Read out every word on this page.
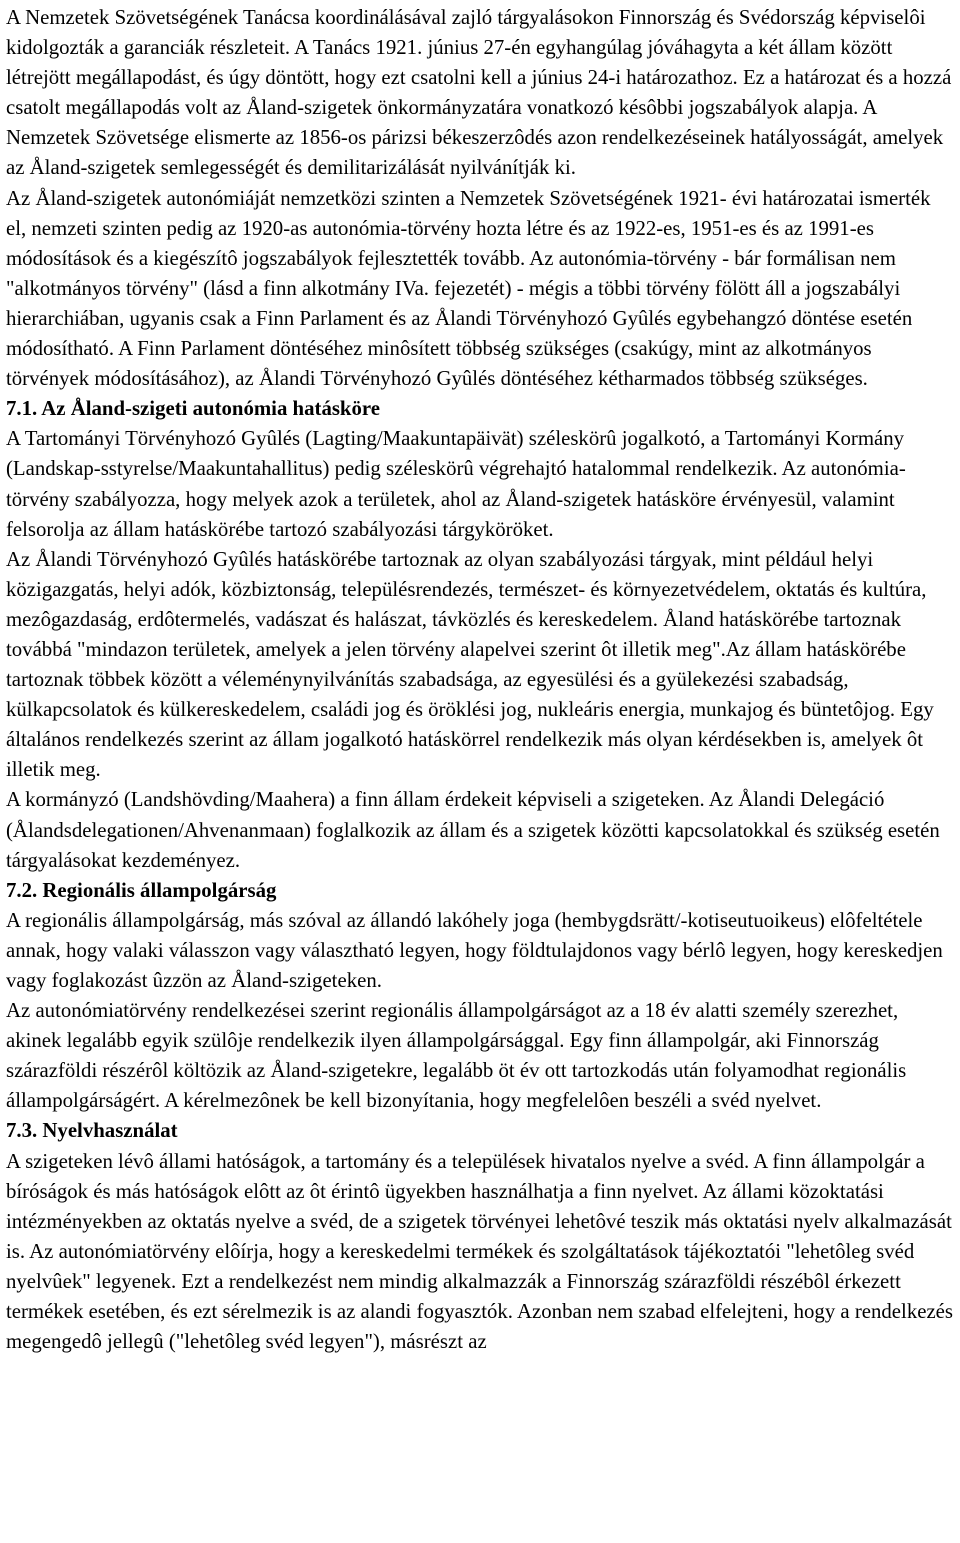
A Nemzetek Szövetségének Tanácsa koordinálásával zajló tárgyalásokon Finnország és Svédország képviselôi kidolgozták a garanciák részleteit. A Tanács 1921. június 27-én egyhangúlag jóváhagyta a két állam között létrejött megállapodást, és úgy döntött, hogy ezt csatolni kell a június 24-i határozathoz. Ez a határozat és a hozzá csatolt megállapodás volt az Åland-szigetek önkormányzatára vonatkozó késôbbi jogszabályok alapja. A Nemzetek Szövetsége elismerte az 1856-os párizsi békeszerzôdés azon rendelkezéseinek hatályosságát, amelyek az Åland-szigetek semlegességét és demilitarizálását nyilvánítják ki.

Az Åland-szigetek autonómiáját nemzetközi szinten a Nemzetek Szövetségének 1921- évi határozatai ismerték el, nemzeti szinten pedig az 1920-as autonómia-törvény hozta létre és az 1922-es, 1951-es és az 1991-es módosítások és a kiegészítô jogszabályok fejlesztették tovább. Az autonómia-törvény - bár formálisan nem "alkotmányos törvény" (lásd a finn alkotmány IVa. fejezetét) - mégis a többi törvény fölött áll a jogszabályi hierarchiában, ugyanis csak a Finn Parlament és az Ålandi Törvényhozó Gyûlés egybehangzó döntése esetén módosítható. A Finn Parlament döntéséhez minôsített többség szükséges (csakúgy, mint az alkotmányos törvények módosításához), az Ålandi Törvényhozó Gyûlés döntéséhez kétharmados többség szükséges.

7.1. Az Åland-szigeti autonómia hatásköre

A Tartományi Törvényhozó Gyûlés (Lagting/Maakuntapäivät) széleskörû jogalkotó, a Tartományi Kormány (Landskap-sstyrelse/Maakuntahallitus) pedig széleskörû végrehajtó hatalommal rendelkezik. Az autonómia-törvény szabályozza, hogy melyek azok a területek, ahol az Åland-szigetek hatásköre érvényesül, valamint felsorolja az állam hatáskörébe tartozó szabályozási tárgyköröket.

Az Ålandi Törvényhozó Gyûlés hatáskörébe tartoznak az olyan szabályozási tárgyak, mint például helyi közigazgatás, helyi adók, közbiztonság, településrendezés, természet- és környezetvédelem, oktatás és kultúra, mezôgazdaság, erdôtermelés, vadászat és halászat, távközlés és kereskedelem. Åland hatáskörébe tartoznak továbbá "mindazon területek, amelyek a jelen törvény alapelvei szerint ôt illetik meg".Az állam hatáskörébe tartoznak többek között a véleménynyilvánítás szabadsága, az egyesülési és a gyülekezési szabadság, külkapcsolatok és külkereskedelem, családi jog és öröklési jog, nukleáris energia, munkajog és büntetôjog. Egy általános rendelkezés szerint az állam jogalkotó hatáskörrel rendelkezik más olyan kérdésekben is, amelyek ôt illetik meg.

A kormányzó (Landshövding/Maahera) a finn állam érdekeit képviseli a szigeteken. Az Ålandi Delegáció (Ålandsdelegationen/Ahvenanmaan) foglalkozik az állam és a szigetek közötti kapcsolatokkal és szükség esetén tárgyalásokat kezdeményez.

7.2. Regionális állampolgárság

A regionális állampolgárság, más szóval az állandó lakóhely joga (hembygdsrätt/-kotiseutuoikeus) elôfeltétele annak, hogy valaki válasszon vagy választható legyen, hogy földtulajdonos vagy bérlô legyen, hogy kereskedjen vagy foglakozást ûzzön az Åland-szigeteken.

Az autonómiatörvény rendelkezései szerint regionális állampolgárságot az a 18 év alatti személy szerezhet, akinek legalább egyik szülôje rendelkezik ilyen állampolgársággal. Egy finn állampolgár, aki Finnország szárazföldi részérôl költözik az Åland-szigetekre, legalább öt év ott tartozkodás után folyamodhat regionális állampolgárságért. A kérelmezônek be kell bizonyítania, hogy megfelelôen beszéli a svéd nyelvet.

7.3. Nyelvhasználat

A szigeteken lévô állami hatóságok, a tartomány és a települések hivatalos nyelve a svéd. A finn állampolgár a bíróságok és más hatóságok elôtt az ôt érintô ügyekben használhatja a finn nyelvet. Az állami közoktatási intézményekben az oktatás nyelve a svéd, de a szigetek törvényei lehetôvé teszik más oktatási nyelv alkalmazását is. Az autonómiatörvény elôírja, hogy a kereskedelmi termékek és szolgáltatások tájékoztatói "lehetôleg svéd nyelvûek" legyenek. Ezt a rendelkezést nem mindig alkalmazzák a Finnország szárazföldi részébôl érkezett termékek esetében, és ezt sérelmezik is az alandi fogyasztók. Azonban nem szabad elfelejteni, hogy a rendelkezés megengedô jellegû ("lehetôleg svéd legyen"), másrészt az
